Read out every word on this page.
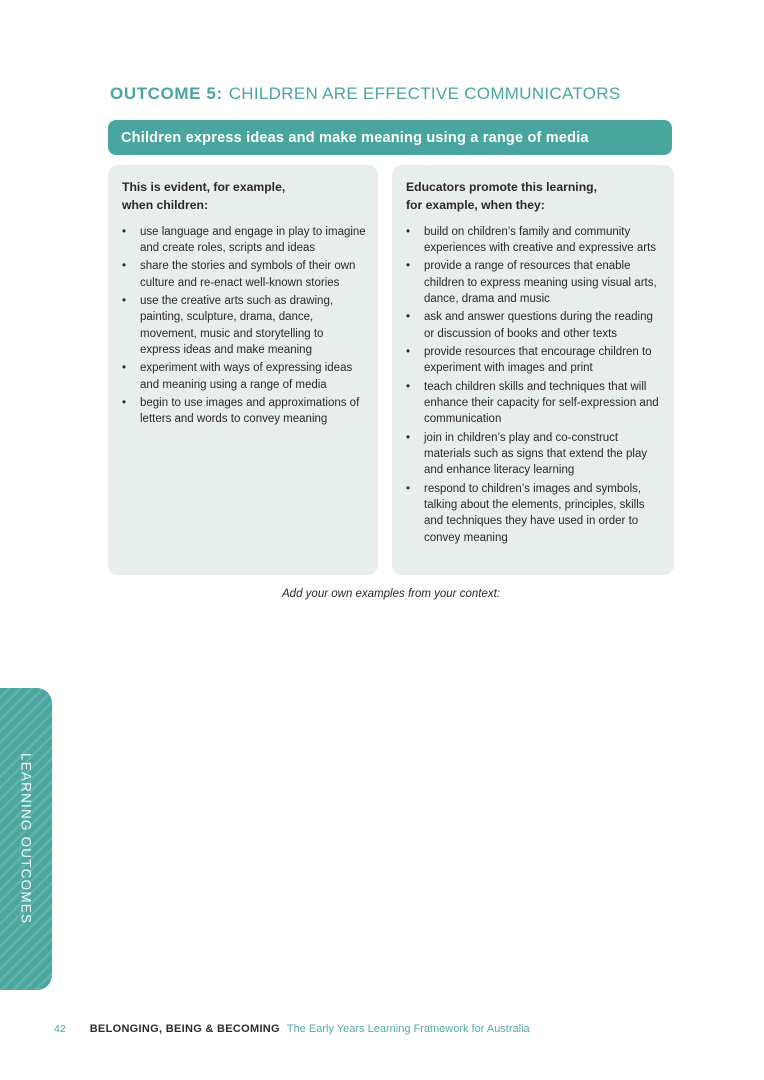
OUTCOME 5: CHILDREN ARE EFFECTIVE COMMUNICATORS
Children express ideas and make meaning using a range of media
This is evident, for example,
when children:
•	use language and engage in play to imagine and create roles, scripts and ideas
•	share the stories and symbols of their own culture and re-enact well-known stories
•	use the creative arts such as drawing, painting, sculpture, drama, dance, movement, music and storytelling to express ideas and make meaning
•	experiment with ways of expressing ideas and meaning using a range of media
•	begin to use images and approximations of letters and words to convey meaning
Educators promote this learning,
for example, when they:
•	build on children’s family and community experiences with creative and expressive arts
•	provide a range of resources that enable children to express meaning using visual arts, dance, drama and music
•	ask and answer questions during the reading or discussion of books and other texts
•	provide resources that encourage children to experiment with images and print
•	teach children skills and techniques that will enhance their capacity for self-expression and communication
•	join in children’s play and co-construct materials such as signs that extend the play and enhance literacy learning
•	respond to children’s images and symbols, talking about the elements, principles, skills and techniques they have used in order to convey meaning

Add your own examples from your context:

LEARNING OUTCOMES
42 BELONGING, BEING & BECOMING The Early Years Learning Framework for Australia
